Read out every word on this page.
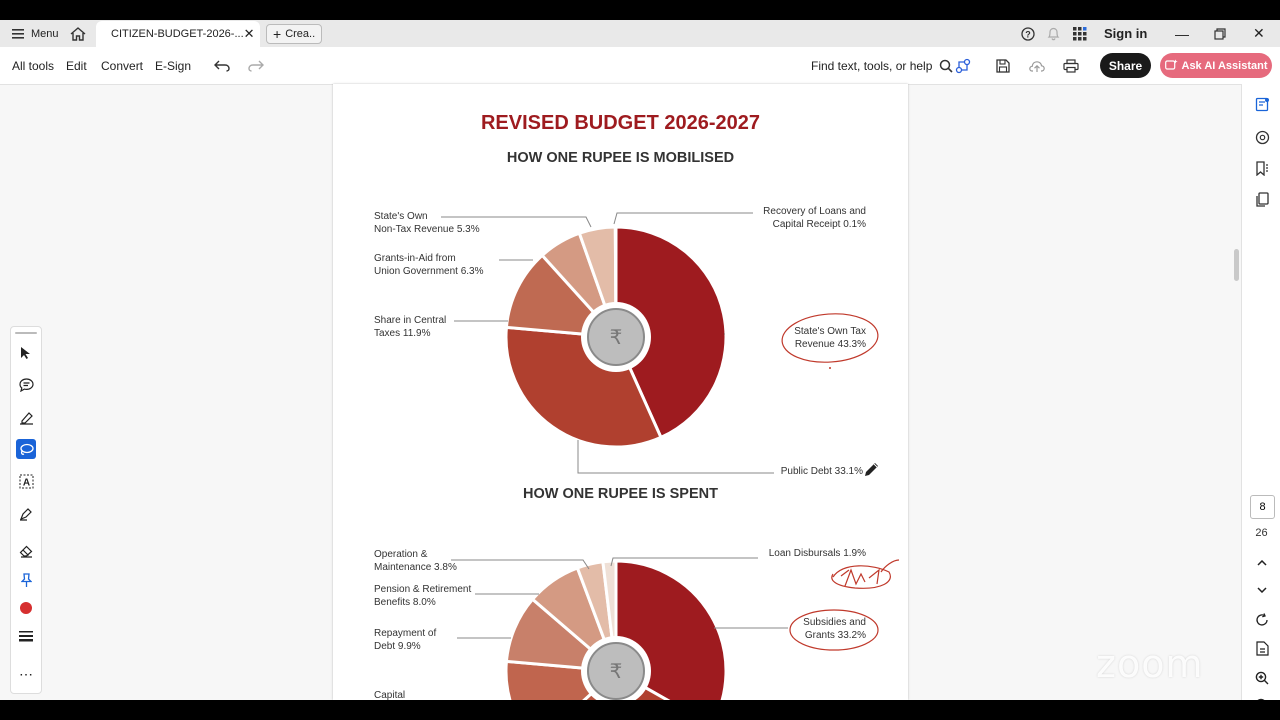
Menu	CITIZEN-BUDGET-2026-... ✕ + Crea..	?	Sign in —	✕
All tools Edit Convert E-Sign	Find text, tools, or help	Share	Ask AI Assistant
REVISED BUDGET 2026-2027
HOW ONE RUPEE IS MOBILISED
HOW ONE RUPEE IS SPENT
₹
₹
State's Own
Non-Tax Revenue 5.3%
Grants-in-Aid from
Union Government 6.3%
Share in Central
Taxes 11.9%
Recovery of Loans and
Capital Receipt 0.1%
State's Own Tax
Revenue 43.3%
Public Debt 33.1%
Operation &
Maintenance 3.8%
Pension & Retirement
Benefits 8.0%
Repayment of
Debt 9.9%
Capital
Loan Disbursals 1.9%
Subsidies and
Grants 33.2%
A
⋯
8
26
zoom
